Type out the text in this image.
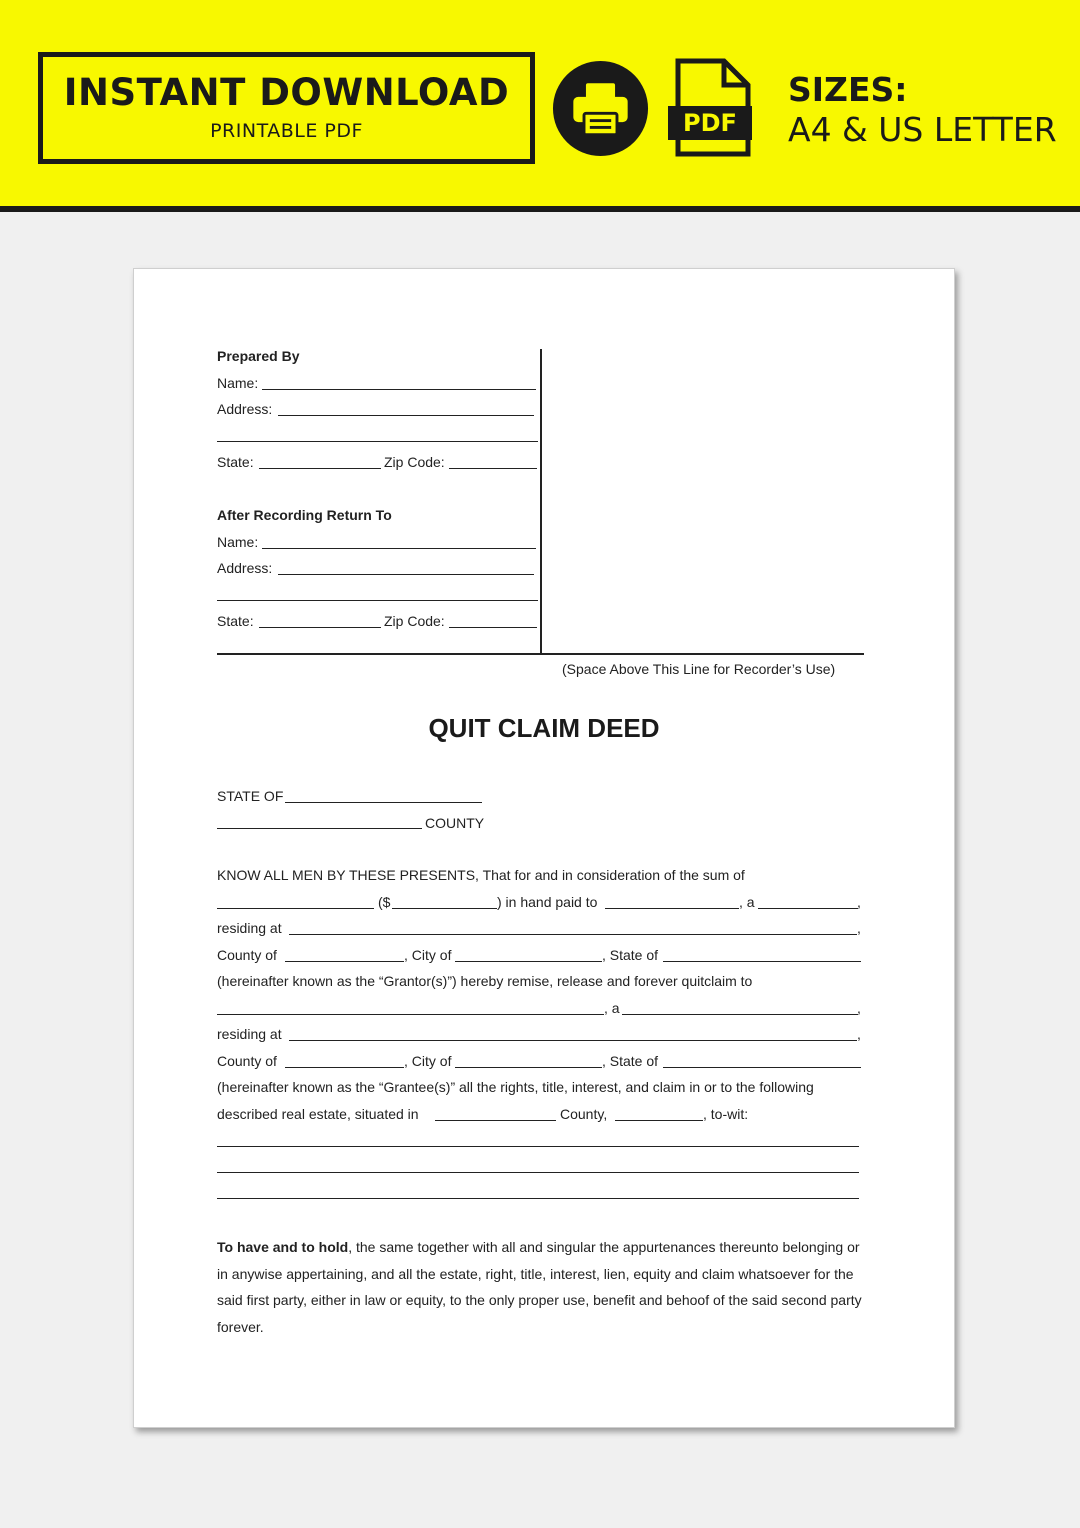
INSTANT DOWNLOAD
PRINTABLE PDF	PDF
SIZES:
A4 & US LETTER
Prepared By
Name:
Address:
State:	Zip Code:
After Recording Return To
Name:
Address:
State:	Zip Code:
(Space Above This Line for Recorder’s Use)
QUIT CLAIM DEED
STATE OF
COUNTY
KNOW ALL MEN BY THESE PRESENTS, That for and in consideration of the sum of
($	) in hand paid to	, a	,
residing at	,
County of	, City of	, State of
(hereinafter known as the “Grantor(s)”) hereby remise, release and forever quitclaim to
, a	,
residing at	,
County of	, City of	, State of
(hereinafter known as the “Grantee(s)” all the rights, title, interest, and claim in or to the following
described real estate, situated in	County,	, to-wit:

To have and to hold, the same together with all and singular the appurtenances thereunto belonging or in anywise appertaining, and all the estate, right, title, interest, lien, equity and claim whatsoever for the said first party, either in law or equity, to the only proper use, benefit and behoof of the said second party forever.
